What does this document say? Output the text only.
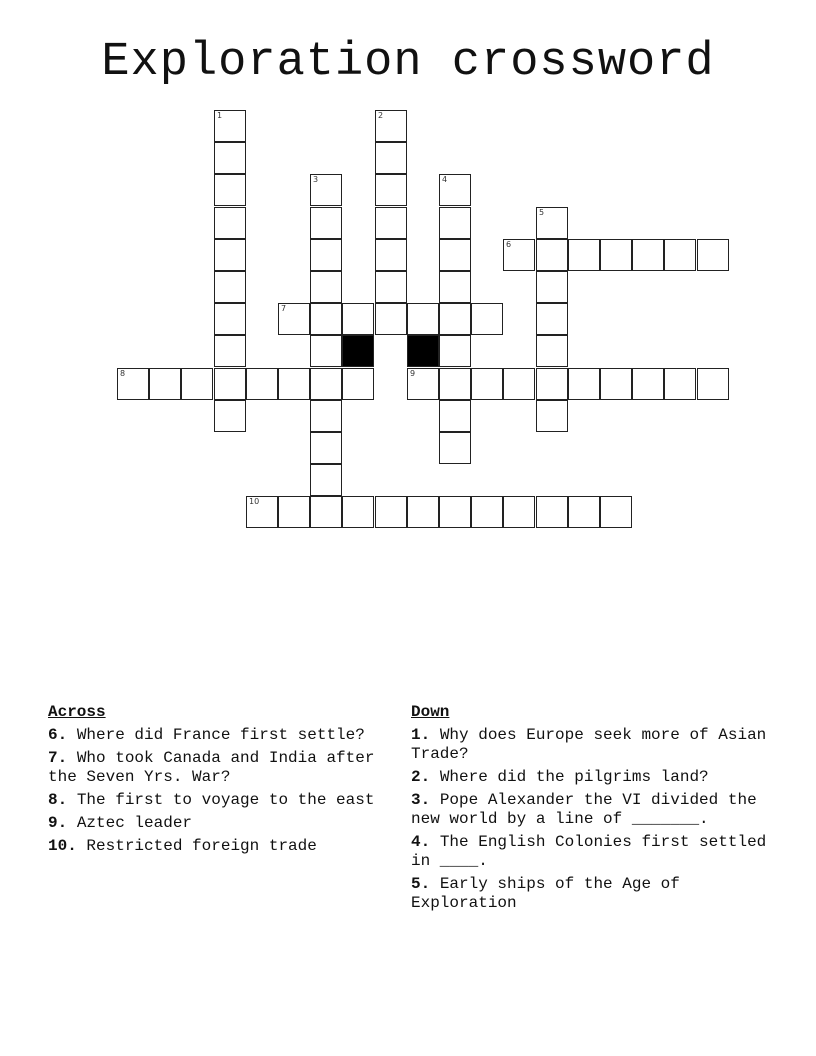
Exploration crossword
1	2
3	4
5
6
7
8	9
10
Across
6. Where did France first settle?
7. Who took Canada and India after the Seven Yrs. War?
8. The first to voyage to the east
9. Aztec leader
10. Restricted foreign trade
Down
1. Why does Europe seek more of Asian Trade?
2. Where did the pilgrims land?
3. Pope Alexander the VI divided the new world by a line of _______.
4. The English Colonies first settled in ____.
5. Early ships of the Age of Exploration
